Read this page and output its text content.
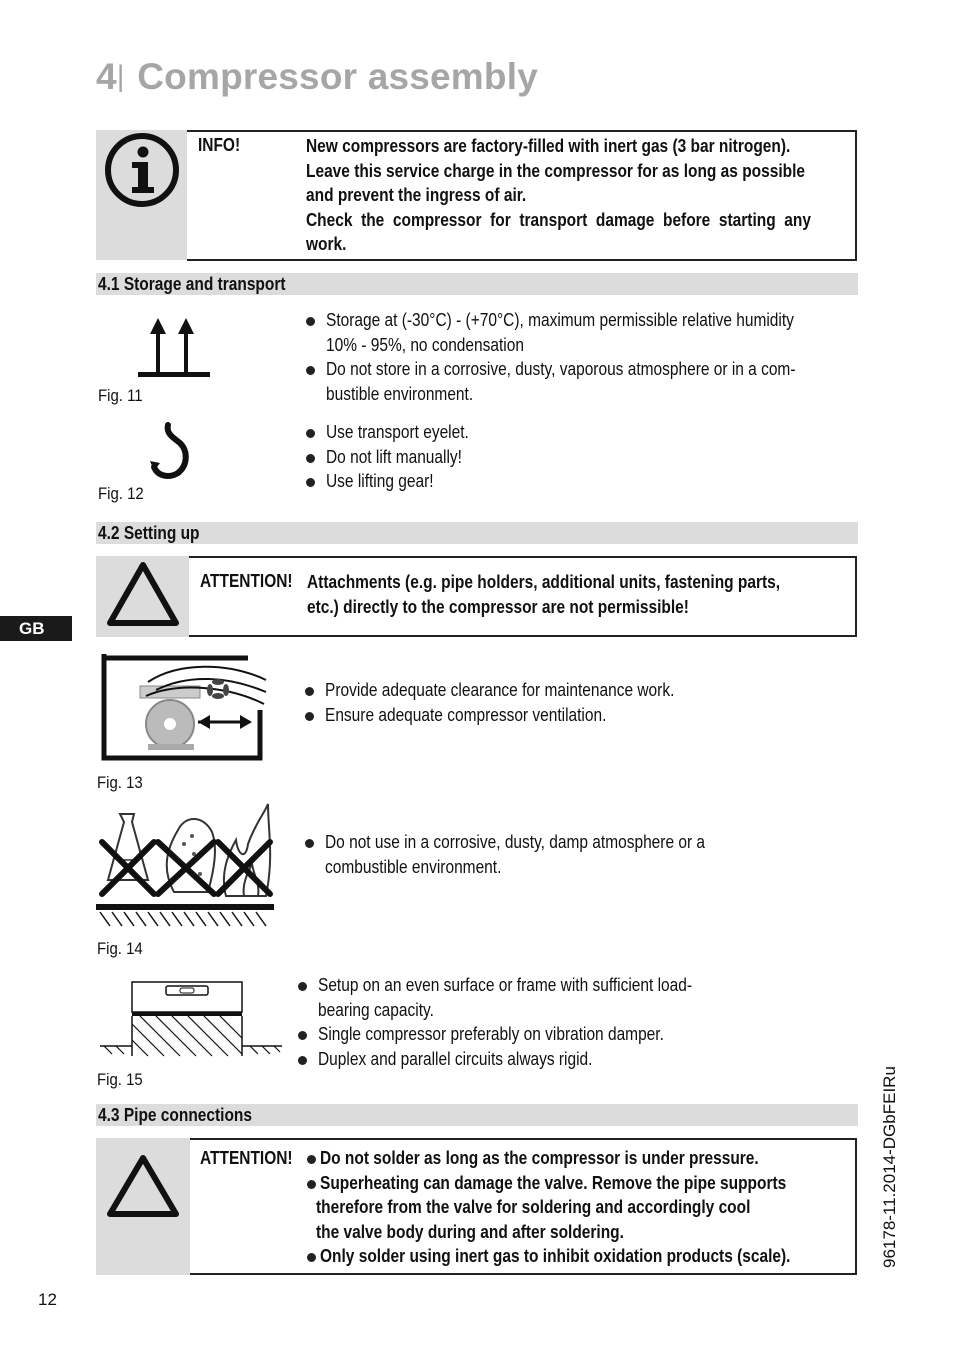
4| Compressor assembly
INFO!	New compressors are factory-filled with inert gas (3 bar nitrogen).
Leave this service charge in the compressor for as long as possible
and prevent the ingress of air.
Check the compressor for transport damage before starting any
work.
4.1 Storage and transport
Fig. 11
Storage at (-30°C) - (+70°C), maximum permissible relative humidity
10% - 95%, no condensation
Do not store in a corrosive, dusty, vaporous atmosphere or in a com-
bustible environment.
Fig. 12
Use transport eyelet.
Do not lift manually!
Use lifting gear!
4.2 Setting up
ATTENTION! Attachments (e.g. pipe holders, additional units, fastening parts,
etc.) directly to the compressor are not permissible!
GB
Fig. 13
Provide adequate clearance for maintenance work.
Ensure adequate compressor ventilation.
Fig. 14
Do not use in a corrosive, dusty, damp atmosphere or a
combustible environment.
Fig. 15
Setup on an even surface or frame with sufficient load-
bearing capacity.
Single compressor preferably on vibration damper.
Duplex and parallel circuits always rigid.
4.3 Pipe connections
ATTENTION! Do not solder as long as the compressor is under pressure.
Superheating can damage the valve. Remove the pipe supports
therefore from the valve for soldering and accordingly cool
the valve body during and after soldering.
Only solder using inert gas to inhibit oxidation products (scale).	96178-11.2014-DGbFEIRu
12
